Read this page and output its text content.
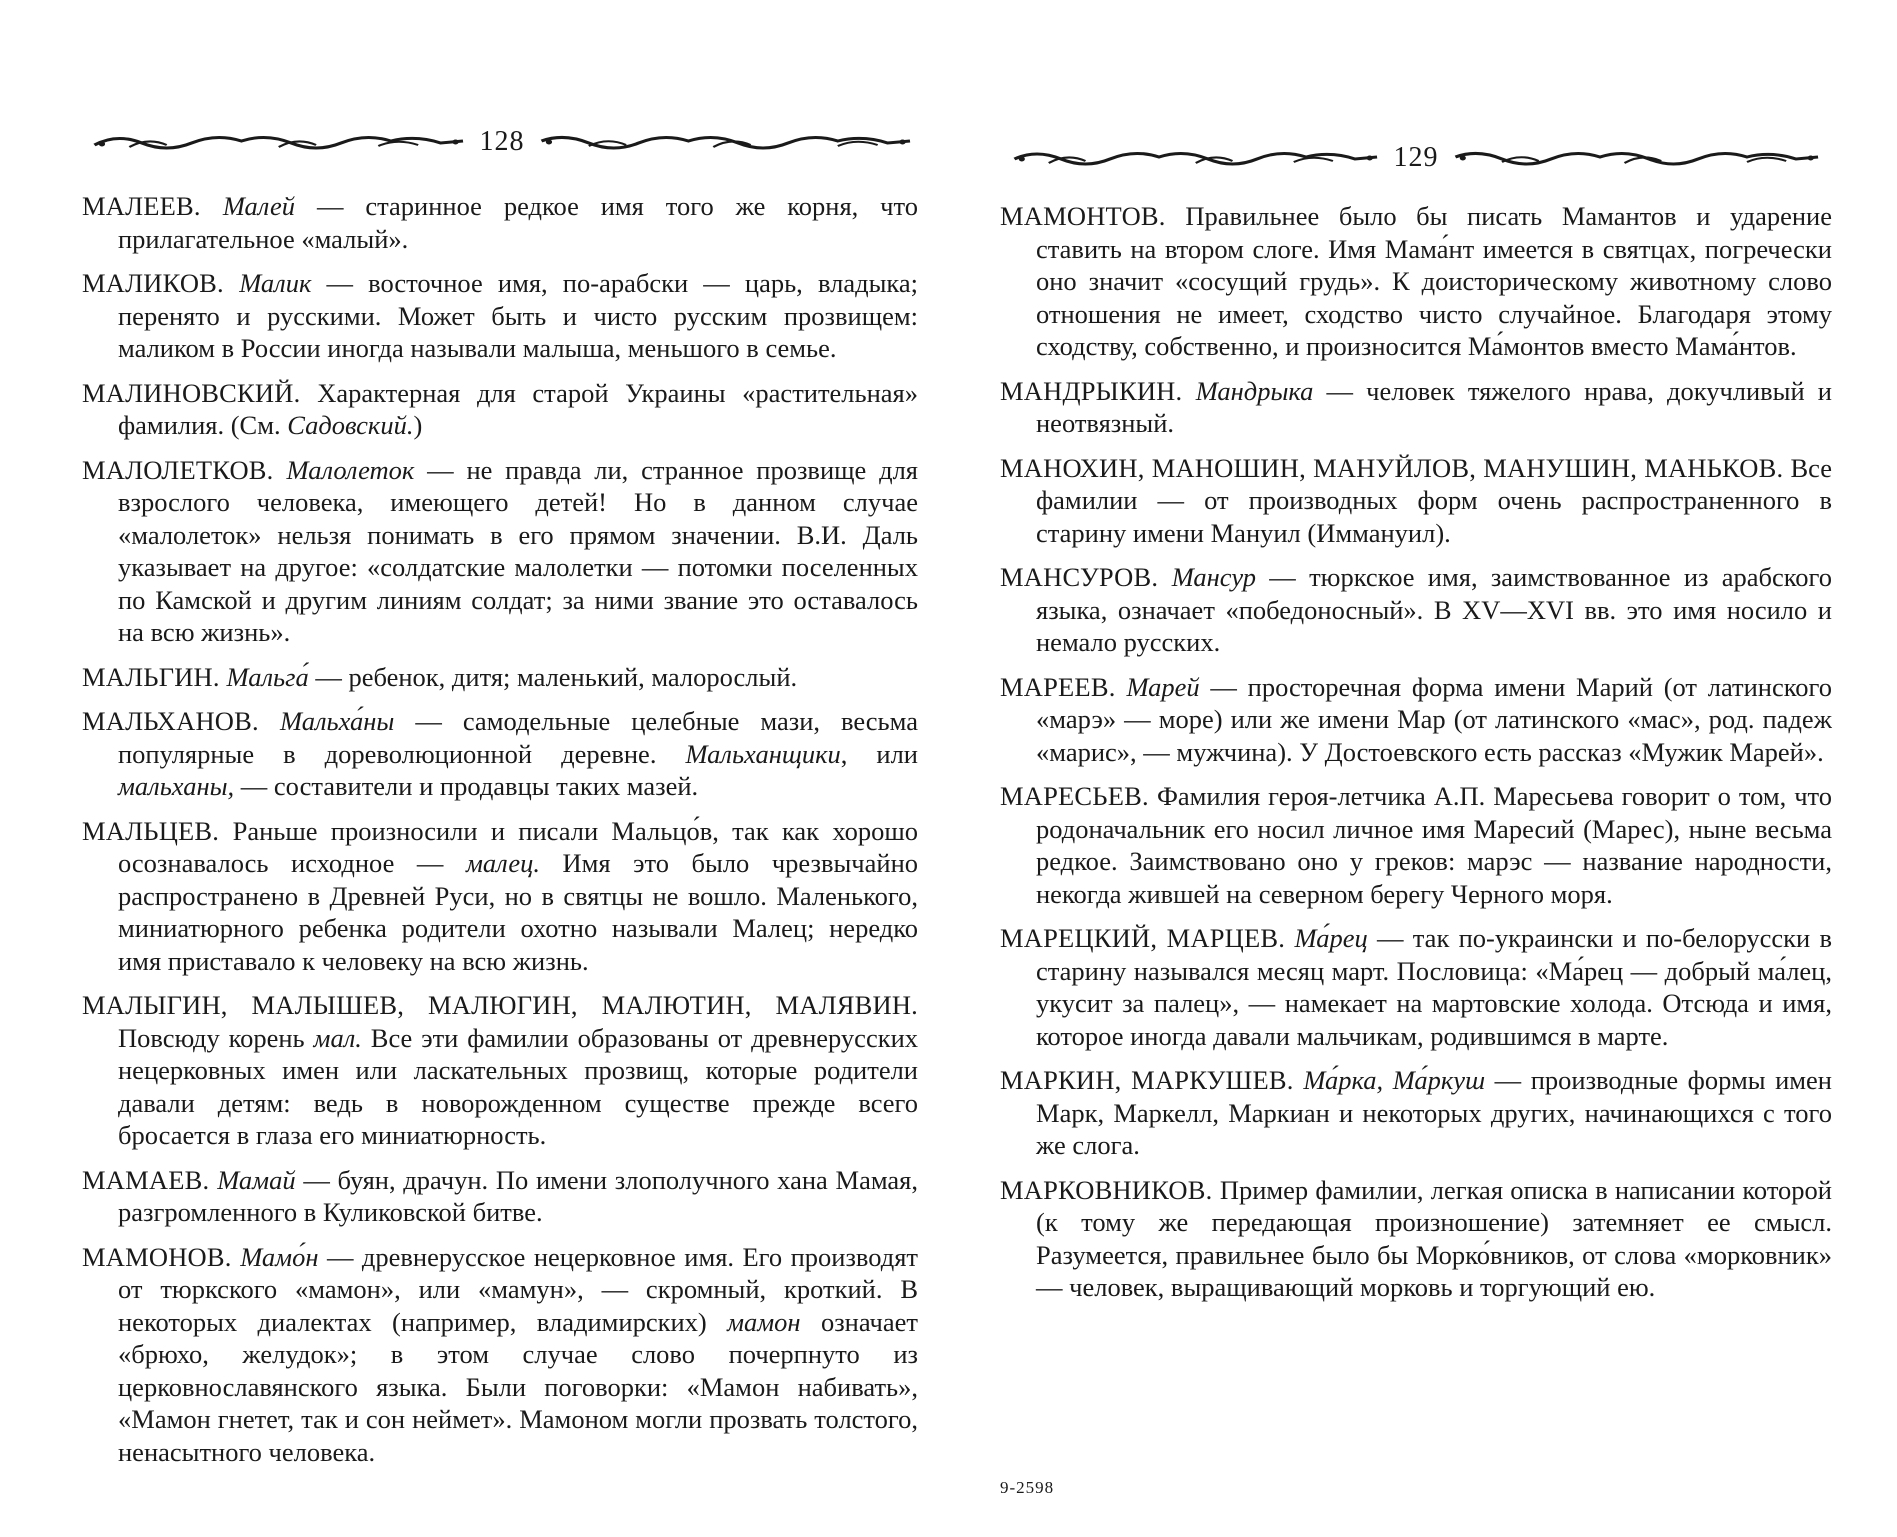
128

МАЛЕЕВ. Малей — старинное редкое имя того же корня, что прилагательное «малый».

МАЛИКОВ. Малик — восточное имя, по-арабски — царь, владыка; перенято и русскими. Может быть и чисто русским прозвищем: маликом в России иногда называли малыша, меньшого в семье.

МАЛИНОВСКИЙ. Характерная для старой Украины «растительная» фамилия. (См. Садовский.)

МАЛОЛЕТКОВ. Малолеток — не правда ли, странное прозвище для взрослого человека, имеющего детей! Но в данном случае «малолеток» нельзя понимать в его прямом значении. В.И. Даль указывает на другое: «солдатские малолетки — потомки поселенных по Камской и другим линиям солдат; за ними звание это оставалось на всю жизнь».

МАЛЬГИН. Мальга́ — ребенок, дитя; маленький, малорослый.

МАЛЬХАНОВ. Мальха́ны — самодельные целебные мази, весьма популярные в дореволюционной деревне. Мальханщики, или мальханы, — составители и продавцы таких мазей.

МАЛЬЦЕВ. Раньше произносили и писали Мальцо́в, так как хорошо осознавалось исходное — малец. Имя это было чрезвычайно распространено в Древней Руси, но в святцы не вошло. Маленького, миниатюрного ребенка родители охотно называли Малец; нередко имя приставало к человеку на всю жизнь.

МАЛЫГИН, МАЛЫШЕВ, МАЛЮГИН, МАЛЮТИН, МАЛЯВИН. Повсюду корень мал. Все эти фамилии образованы от древнерусских нецерковных имен или ласкательных прозвищ, которые родители давали детям: ведь в новорожденном существе прежде всего бросается в глаза его миниатюрность.

МАМАЕВ. Мамай — буян, драчун. По имени злополучного хана Мамая, разгромленного в Куликовской битве.

МАМОНОВ. Мамо́н — древнерусское нецерковное имя. Его производят от тюркского «мамон», или «мамун», — скромный, кроткий. В некоторых диалектах (например, владимирских) мамон означает «брюхо, желудок»; в этом случае слово почерпнуто из церковнославянского языка. Были поговорки: «Мамон набивать», «Мамон гнетет, так и сон неймет». Мамоном могли прозвать толстого, ненасытного человека.

129

МАМОНТОВ. Правильнее было бы писать Мамантов и ударение ставить на втором слоге. Имя Мама́нт имеется в святцах, погречески оно значит «сосущий грудь». К доисторическому животному слово отношения не имеет, сходство чисто случайное. Благодаря этому сходству, собственно, и произносится Ма́монтов вместо Мама́нтов.

МАНДРЫКИН. Мандрыка — человек тяжелого нрава, докучливый и неотвязный.

МАНОХИН, МАНОШИН, МАНУЙЛОВ, МАНУШИН, МАНЬКОВ. Все фамилии — от производных форм очень распространенного в старину имени Мануил (Иммануил).

МАНСУРОВ. Мансур — тюркское имя, заимствованное из арабского языка, означает «победоносный». В XV—XVI вв. это имя носило и немало русских.

МАРЕЕВ. Марей — просторечная форма имени Марий (от латинского «марэ» — море) или же имени Мар (от латинского «мас», род. падеж «марис», — мужчина). У Достоевского есть рассказ «Мужик Марей».

МАРЕСЬЕВ. Фамилия героя-летчика А.П. Маресьева говорит о том, что родоначальник его носил личное имя Маресий (Марес), ныне весьма редкое. Заимствовано оно у греков: марэс — название народности, некогда жившей на северном берегу Черного моря.

МАРЕЦКИЙ, МАРЦЕВ. Ма́рец — так по-украински и по-белорусски в старину назывался месяц март. Пословица: «Ма́рец — добрый ма́лец, укусит за палец», — намекает на мартовские холода. Отсюда и имя, которое иногда давали мальчикам, родившимся в марте.

МАРКИН, МАРКУШЕВ. Ма́рка, Ма́ркуш — производные формы имен Марк, Маркелл, Маркиан и некоторых других, начинающихся с того же слога.

МАРКОВНИКОВ. Пример фамилии, легкая описка в написании которой (к тому же передающая произношение) затемняет ее смысл. Разумеется, правильнее было бы Морко́вников, от слова «морковник» — человек, выращивающий морковь и торгующий ею.

9-2598
